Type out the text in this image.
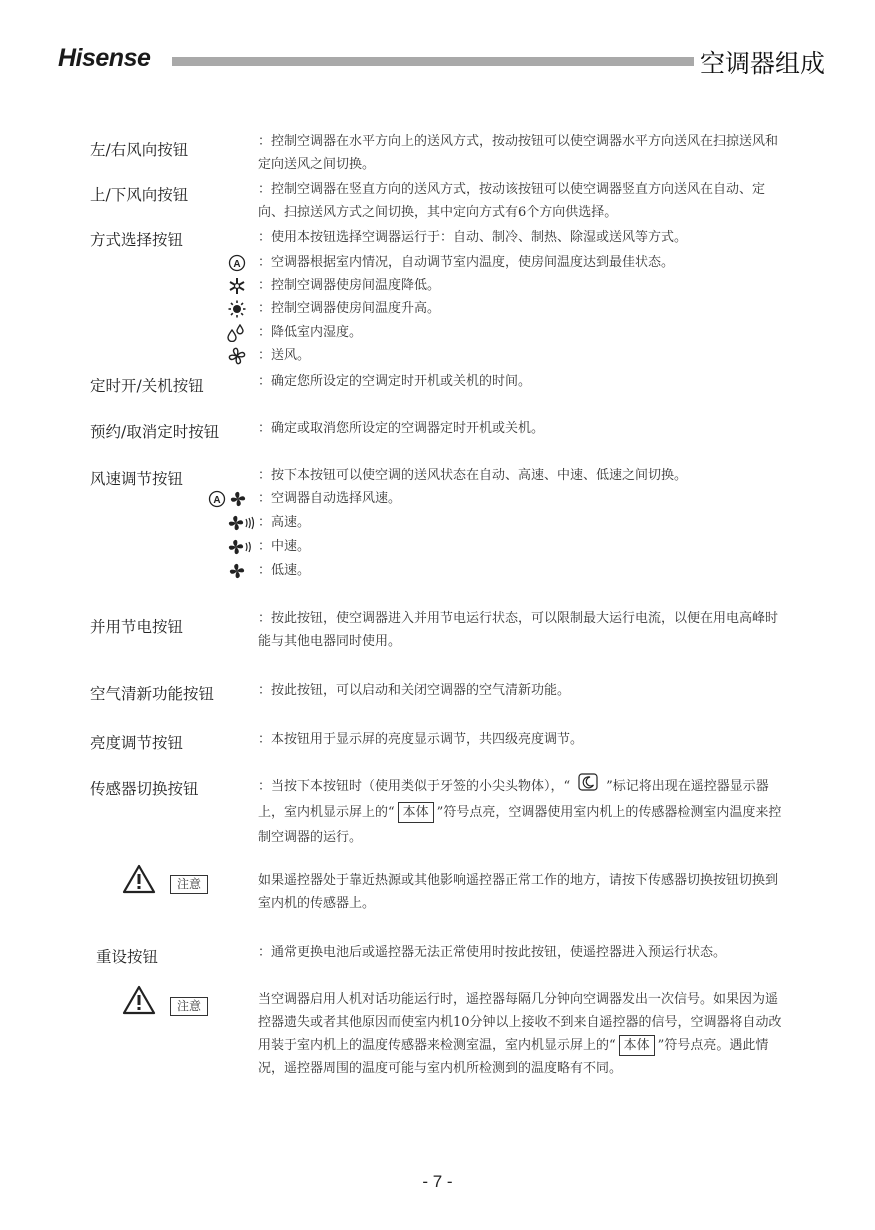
Hisense	空调器组成
左/右风向按钮	：控制空调器在水平方向上的送风方式，按动按钮可以使空调器水平方向送风在扫掠送风和定向送风之间切换。
上/下风向按钮	：控制空调器在竖直方向的送风方式，按动该按钮可以使空调器竖直方向送风在自动、定向、扫掠送风方式之间切换，其中定向方式有6个方向供选择。
方式选择按钮	：使用本按钮选择空调器运行于：自动、制冷、制热、除湿或送风等方式。
A ：空调器根据室内情况，自动调节室内温度，使房间温度达到最佳状态。
：控制空调器使房间温度降低。
：控制空调器使房间温度升高。
：降低室内湿度。
：送风。
定时开/关机按钮	：确定您所设定的空调定时开机或关机的时间。
预约/取消定时按钮	：确定或取消您所设定的空调器定时开机或关机。
风速调节按钮	：按下本按钮可以使空调的送风状态在自动、高速、中速、低速之间切换。
A	：空调器自动选择风速。
：高速。
：中速。
：低速。
并用节电按钮	：按此按钮，使空调器进入并用节电运行状态，可以限制最大运行电流，以便在用电高峰时能与其他电器同时使用。
空气清新功能按钮	：按此按钮，可以启动和关闭空调器的空气清新功能。
亮度调节按钮	：本按钮用于显示屏的亮度显示调节，共四级亮度调节。
传感器切换按钮	：当按下本按钮时（使用类似于牙签的小尖头物体），“	”标记将出现在遥控器显示器上，室内机显示屏上的“ 本体 ”符号点亮，空调器使用室内机上的传感器检测室内温度来控制空调器的运行。
注意	如果遥控器处于靠近热源或其他影响遥控器正常工作的地方，请按下传感器切换按钮切换到室内机的传感器上。
重设按钮	：通常更换电池后或遥控器无法正常使用时按此按钮，使遥控器进入预运行状态。
注意	当空调器启用人机对话功能运行时，遥控器每隔几分钟向空调器发出一次信号。如果因为遥控器遗失或者其他原因而使室内机10分钟以上接收不到来自遥控器的信号，空调器将自动改用装于室内机上的温度传感器来检测室温，室内机显示屏上的“ 本体 ”符号点亮。遇此情况，遥控器周围的温度可能与室内机所检测到的温度略有不同。
- 7 -
